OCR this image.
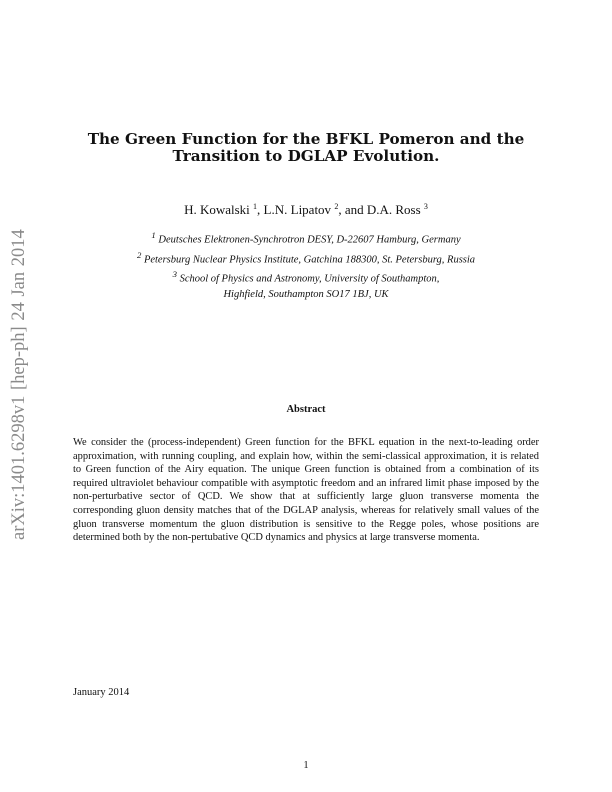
arXiv:1401.6298v1 [hep-ph] 24 Jan 2014
The Green Function for the BFKL Pomeron and the
Transition to DGLAP Evolution.
H. Kowalski $^1$, L.N. Lipatov $^2$, and D.A. Ross $^3$
$^1$ Deutsches Elektronen-Synchrotron DESY, D-22607 Hamburg, Germany
$^2$ Petersburg Nuclear Physics Institute, Gatchina 188300, St. Petersburg, Russia
$^3$ School of Physics and Astronomy, University of Southampton,
Highfield, Southampton SO17 1BJ, UK
Abstract

We consider the (process-independent) Green function for the BFKL equation in the next-to-leading order approximation, with running coupling, and explain how, within the semi-classical approximation, it is related to Green function of the Airy equation. The unique Green function is obtained from a combination of its required ultraviolet behaviour compatible with asymptotic freedom and an infrared limit phase imposed by the non-perturbative sector of QCD. We show that at sufficiently large gluon transverse momenta the corresponding gluon density matches that of the DGLAP analysis, whereas for relatively small values of the gluon transverse momentum the gluon distribution is sensitive to the Regge poles, whose positions are determined both by the non-pertubative QCD dynamics and physics at large transverse momenta.

January 2014
1
